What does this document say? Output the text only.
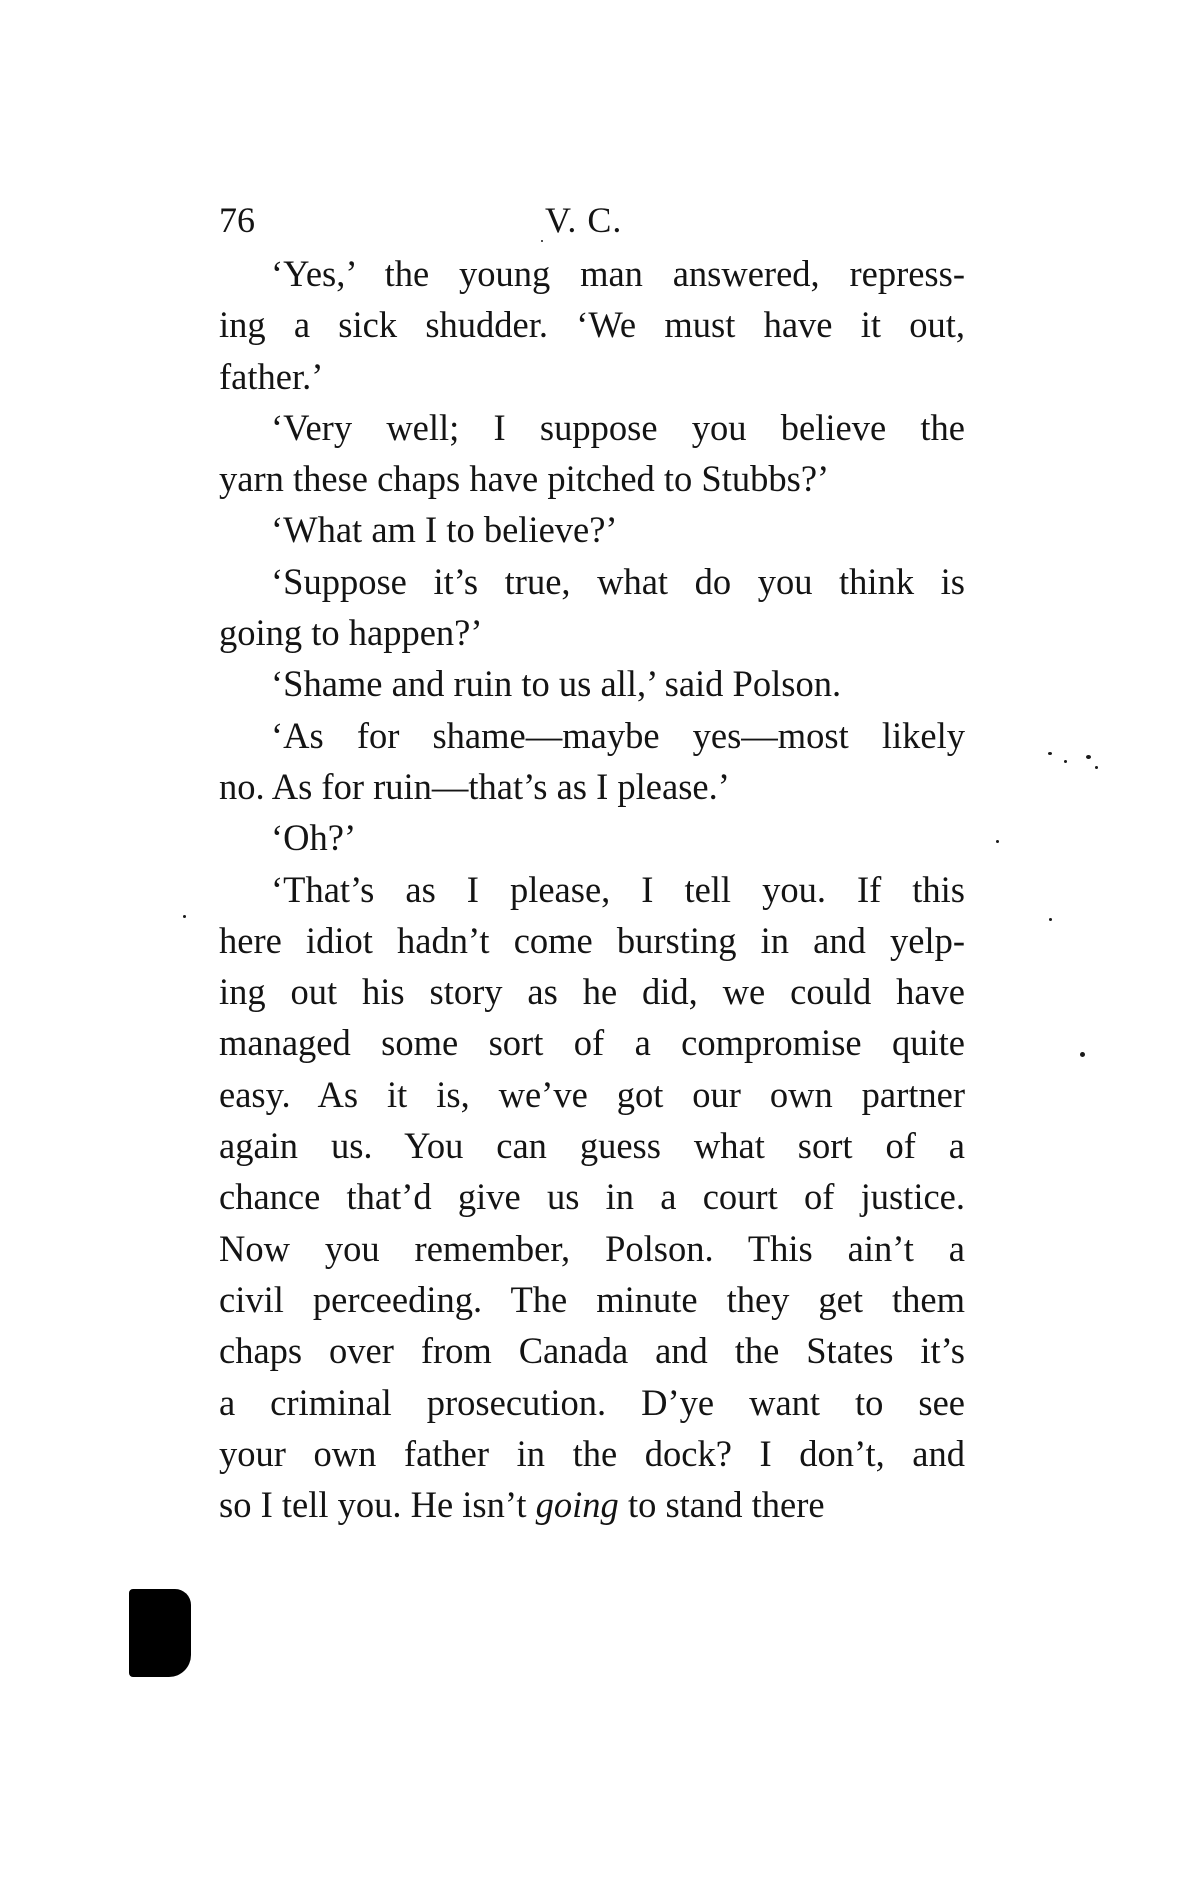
76	V. C.
‘Yes,’ the young man answered, repress-
ing a sick shudder. ‘We must have it out,
father.’
‘Very well; I suppose you believe the
yarn these chaps have pitched to Stubbs?’
‘What am I to believe?’
‘Suppose it’s true, what do you think is
going to happen?’
‘Shame and ruin to us all,’ said Polson.
‘As for shame—maybe yes—most likely
no. As for ruin—that’s as I please.’
‘Oh?’
‘That’s as I please, I tell you. If this
here idiot hadn’t come bursting in and yelp-
ing out his story as he did, we could have
managed some sort of a compromise quite
easy. As it is, we’ve got our own partner
again us. You can guess what sort of a
chance that’d give us in a court of justice.
Now you remember, Polson. This ain’t a
civil perceeding. The minute they get them
chaps over from Canada and the States it’s
a criminal prosecution. D’ye want to see
your own father in the dock? I don’t, and
so I tell you. He isn’t going to stand there
